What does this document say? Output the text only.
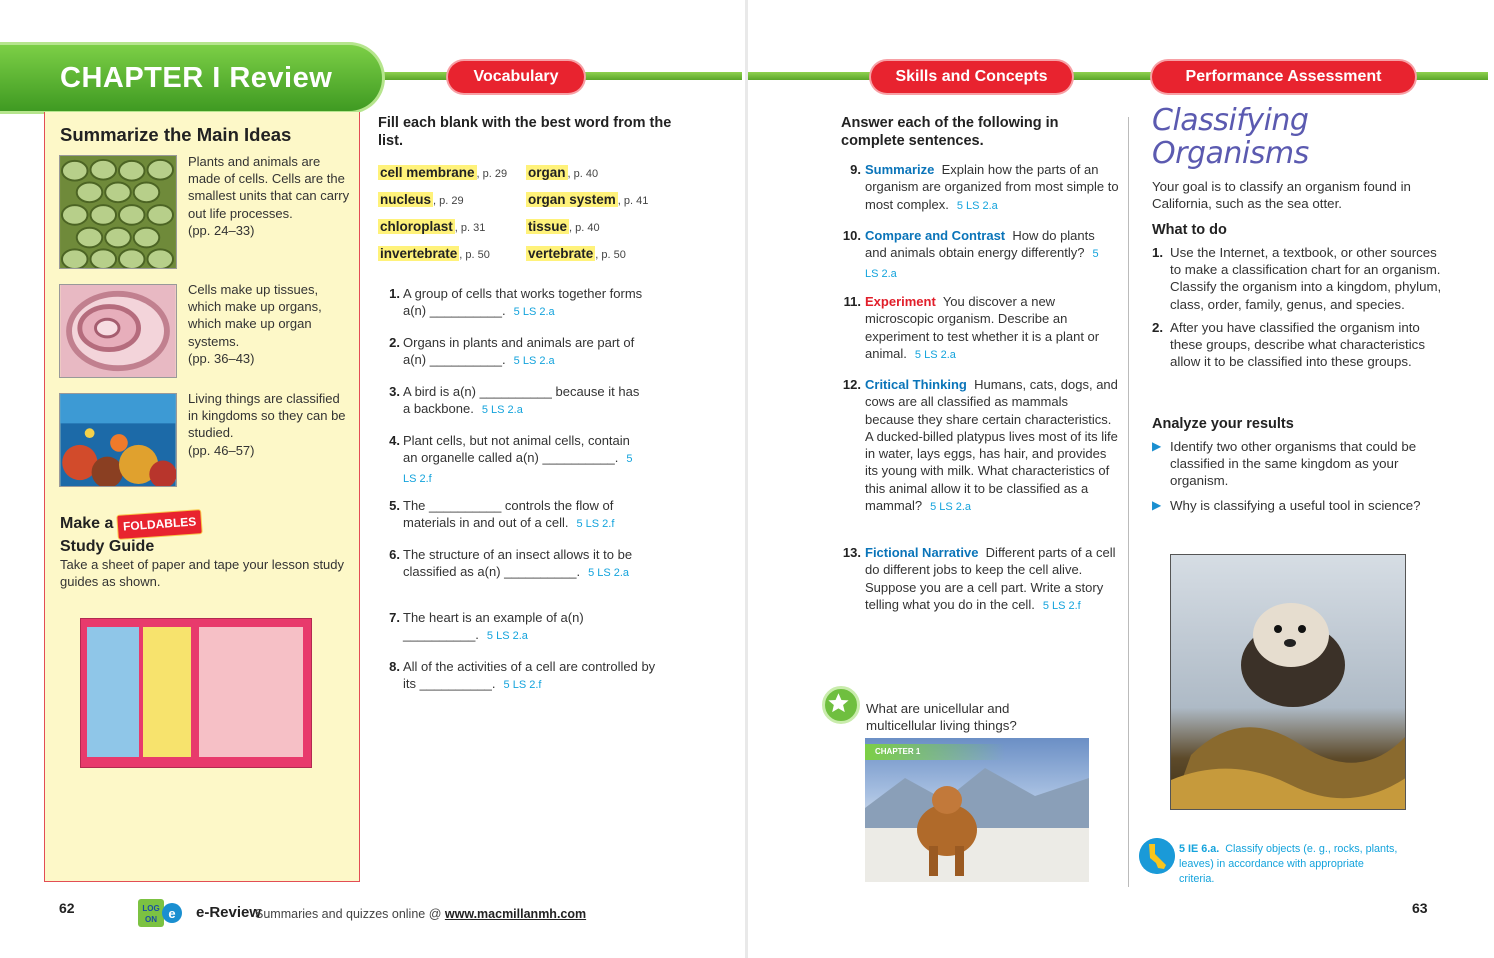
CHAPTER I Review	Vocabulary
Summarize the Main Ideas
Plants and animals are made of cells. Cells are the smallest units that can carry out life processes.
(pp. 24–33)
Cells make up tissues, which make up organs, which make up organ systems.
(pp. 36–43)
Living things are classified in kingdoms so they can be studied.
(pp. 46–57)
Make a FOLDABLES
Study Guide
Take a sheet of paper and tape your lesson study guides as shown.
Fill each blank with the best word from the list.
cell membrane , p. 29 organ , p. 40
nucleus , p. 29	organ system , p. 41
chloroplast , p. 31	tissue , p. 40
invertebrate , p. 50	vertebrate , p. 50
1. A group of cells that works together forms a(n) __________. 5 LS 2.a
2. Organs in plants and animals are part of a(n) __________. 5 LS 2.a
3. A bird is a(n) __________ because it has a backbone. 5 LS 2.a
4. Plant cells, but not animal cells, contain an organelle called a(n) __________. 5 LS 2.f
5. The __________ controls the flow of materials in and out of a cell. 5 LS 2.f
6. The structure of an insect allows it to be classified as a(n) __________. 5 LS 2.a
7. The heart is an example of a(n) __________. 5 LS 2.a
8. All of the activities of a cell are controlled by its __________. 5 LS 2.f
62	LOG
ON e e-Review
Summaries and quizzes online @ www.macmillanmh.com
Skills and Concepts	Performance Assessment
Answer each of the following in complete sentences.
9. Summarize Explain how the parts of an organism are organized from most simple to most complex. 5 LS 2.a
10. Compare and Contrast How do plants and animals obtain energy differently? 5 LS 2.a
11. Experiment You discover a new microscopic organism. Describe an experiment to test whether it is a plant or animal. 5 LS 2.a
12. Critical Thinking Humans, cats, dogs, and cows are all classified as mammals because they share certain characteristics. A ducked-billed platypus lives most of its life in water, lays eggs, has hair, and provides its young with milk. What characteristics of this animal allow it to be classified as a mammal? 5 LS 2.a
13. Fictional Narrative Different parts of a cell do different jobs to keep the cell alive. Suppose you are a cell part. Write a story telling what you do in the cell. 5 LS 2.f
What are unicellular and multicellular living things?
CHAPTER 1
Classifying
Organisms
Your goal is to classify an organism found in California, such as the sea otter.
What to do
1. Use the Internet, a textbook, or other sources to make a classification chart for an organism. Classify the organism into a kingdom, phylum, class, order, family, genus, and species.
2. After you have classified the organism into these groups, describe what characteristics allow it to be classified into these groups.
Analyze your results
▶ Identify two other organisms that could be classified in the same kingdom as your organism.
▶ Why is classifying a useful tool in science?
5 IE 6.a. Classify objects (e. g., rocks, plants, leaves) in accordance with appropriate criteria.
63
